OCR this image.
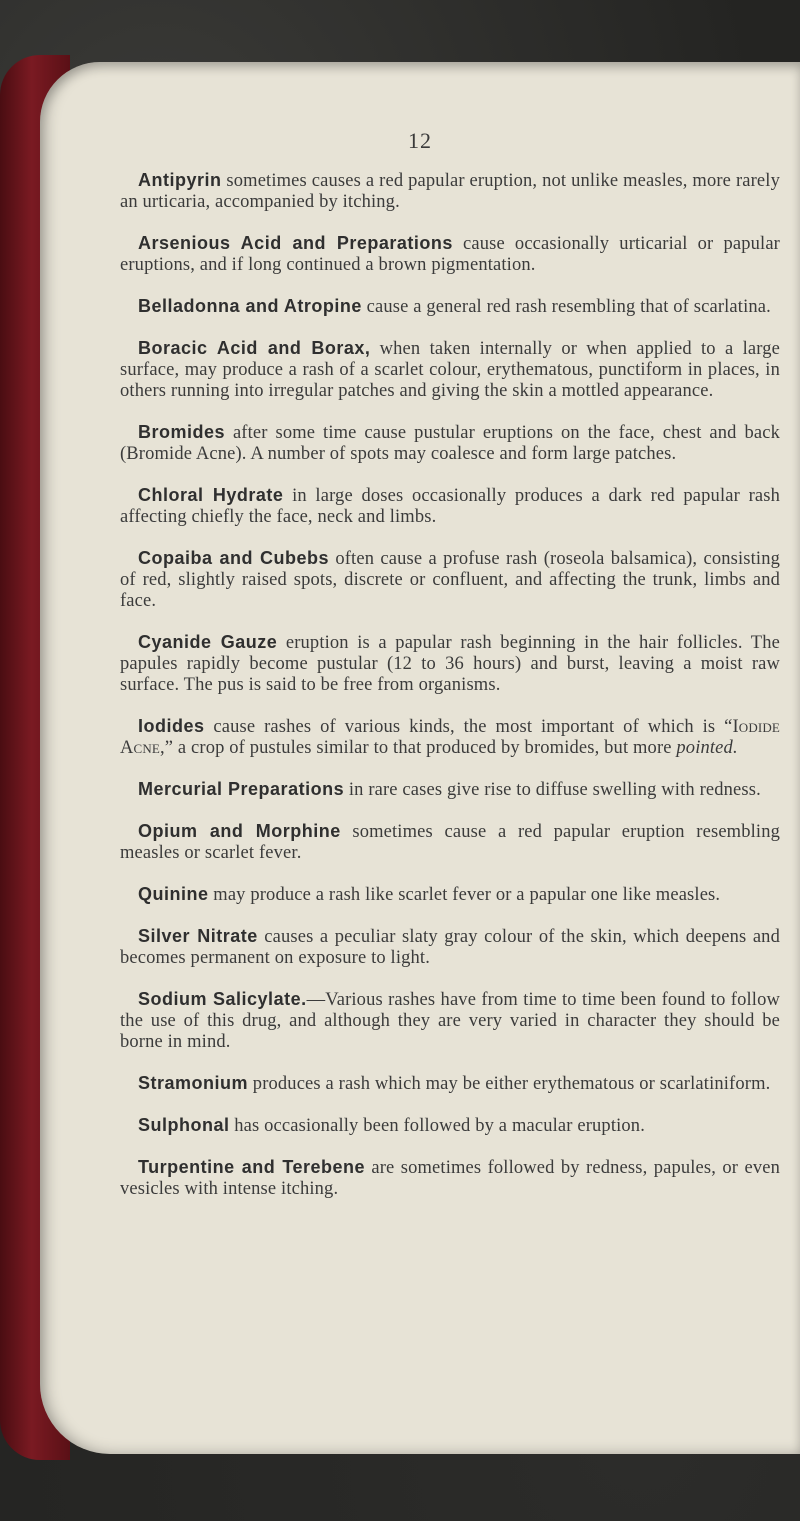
12

Antipyrin sometimes causes a red papular eruption, not unlike measles, more rarely an urticaria, accompanied by itching.

Arsenious Acid and Preparations cause occasionally urticarial or papular eruptions, and if long continued a brown pigmentation.

Belladonna and Atropine cause a general red rash resembling that of scarlatina.

Boracic Acid and Borax, when taken internally or when applied to a large surface, may produce a rash of a scarlet colour, erythematous, punctiform in places, in others running into irregular patches and giving the skin a mottled appearance.

Bromides after some time cause pustular eruptions on the face, chest and back (Bromide Acne). A number of spots may coalesce and form large patches.

Chloral Hydrate in large doses occasionally produces a dark red papular rash affecting chiefly the face, neck and limbs.

Copaiba and Cubebs often cause a profuse rash (roseola balsamica), consisting of red, slightly raised spots, discrete or confluent, and affecting the trunk, limbs and face.

Cyanide Gauze eruption is a papular rash beginning in the hair follicles. The papules rapidly become pustular (12 to 36 hours) and burst, leaving a moist raw surface. The pus is said to be free from organisms.

Iodides cause rashes of various kinds, the most important of which is “Iodide Acne,” a crop of pustules similar to that produced by bromides, but more pointed.

Mercurial Preparations in rare cases give rise to diffuse swelling with redness.

Opium and Morphine sometimes cause a red papular eruption resembling measles or scarlet fever.

Quinine may produce a rash like scarlet fever or a papular one like measles.

Silver Nitrate causes a peculiar slaty gray colour of the skin, which deepens and becomes permanent on exposure to light.

Sodium Salicylate.—Various rashes have from time to time been found to follow the use of this drug, and although they are very varied in character they should be borne in mind.

Stramonium produces a rash which may be either erythematous or scarlatiniform.

Sulphonal has occasionally been followed by a macular eruption.

Turpentine and Terebene are sometimes followed by redness, papules, or even vesicles with intense itching.
